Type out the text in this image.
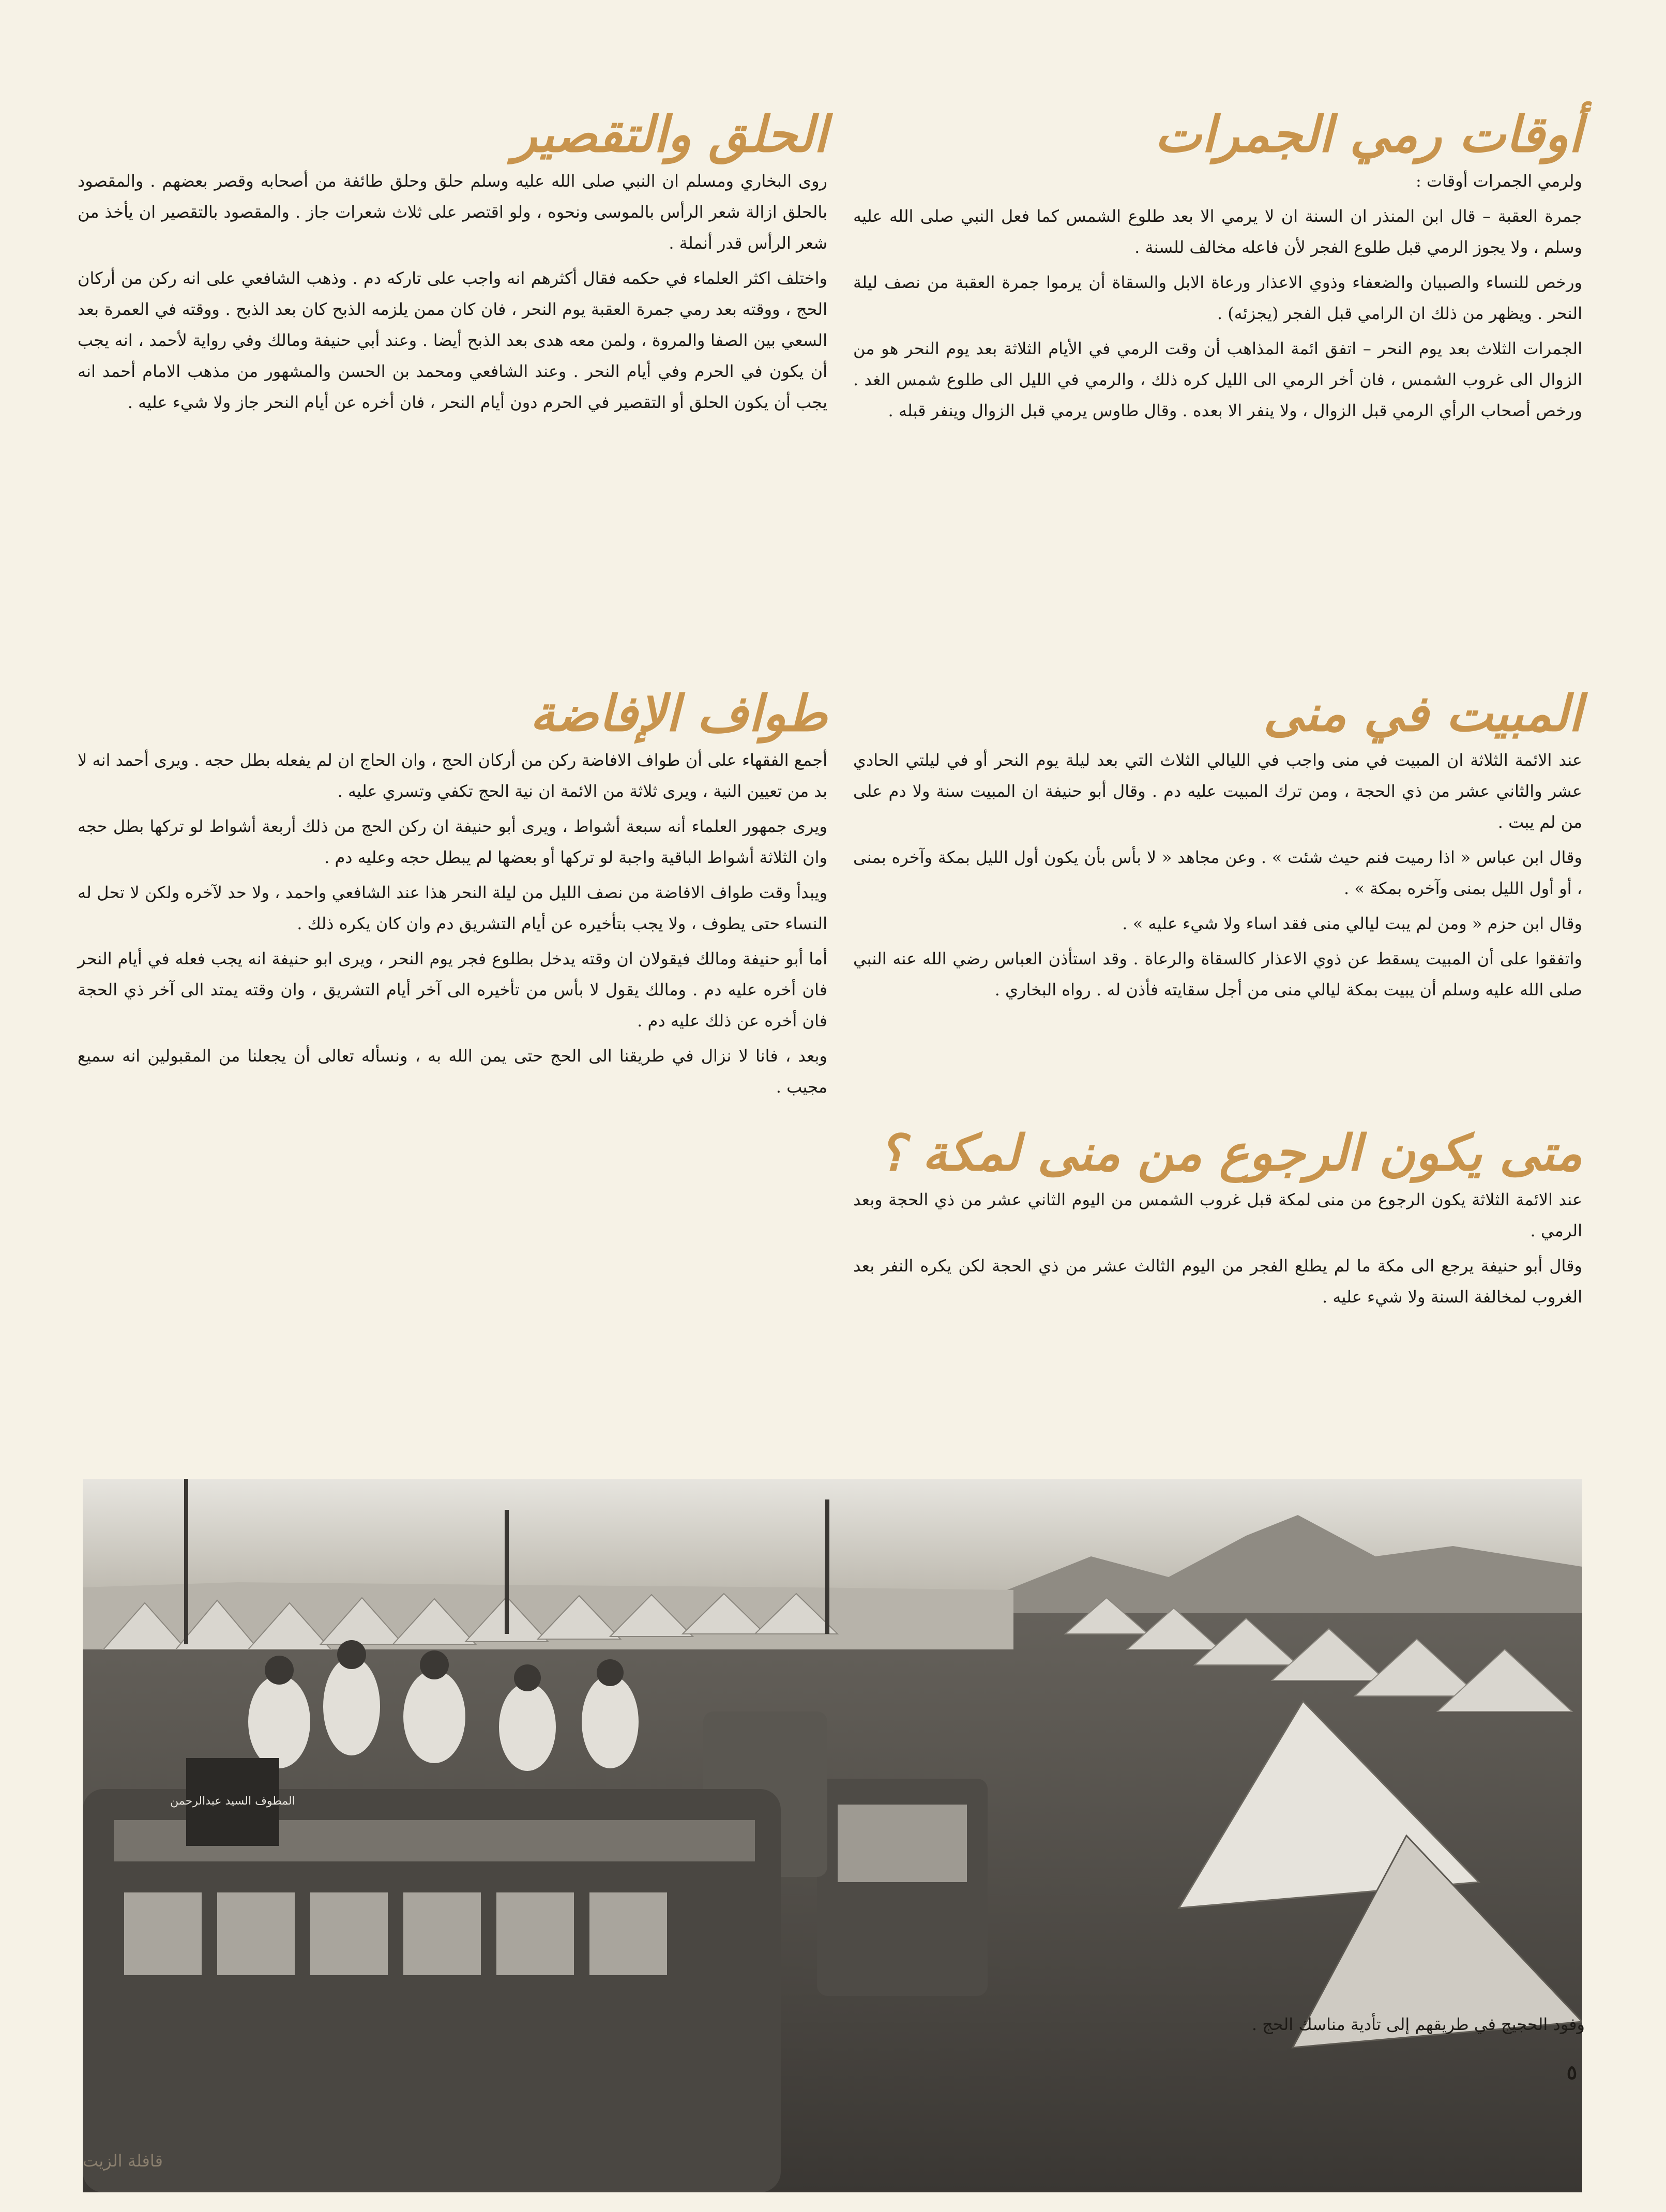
أوقات رمي الجمرات

ولرمي الجمرات أوقات :

جمرة العقبة – قال ابن المنذر ان السنة ان لا يرمي الا بعد طلوع الشمس كما فعل النبي صلى الله عليه وسلم ، ولا يجوز الرمي قبل طلوع الفجر لأن فاعله مخالف للسنة .

ورخص للنساء والصبيان والضعفاء وذوي الاعذار ورعاة الابل والسقاة أن يرموا جمرة العقبة من نصف ليلة النحر . ويظهر من ذلك ان الرامي قبل الفجر (يجزئه) .

الجمرات الثلاث بعد يوم النحر – اتفق ائمة المذاهب أن وقت الرمي في الأيام الثلاثة بعد يوم النحر هو من الزوال الى غروب الشمس ، فان أخر الرمي الى الليل كره ذلك ، والرمي في الليل الى طلوع شمس الغد . ورخص أصحاب الرأي الرمي قبل الزوال ، ولا ينفر الا بعده . وقال طاوس يرمي قبل الزوال وينفر قبله .

المبيت في منى

عند الائمة الثلاثة ان المبيت في منى واجب في الليالي الثلاث التي بعد ليلة يوم النحر أو في ليلتي الحادي عشر والثاني عشر من ذي الحجة ، ومن ترك المبيت عليه دم . وقال أبو حنيفة ان المبيت سنة ولا دم على من لم يبت .

وقال ابن عباس « اذا رميت فنم حيث شئت » . وعن مجاهد « لا بأس بأن يكون أول الليل بمكة وآخره بمنى ، أو أول الليل بمنى وآخره بمكة » .

وقال ابن حزم « ومن لم يبت ليالي منى فقد اساء ولا شيء عليه » .

واتفقوا على أن المبيت يسقط عن ذوي الاعذار كالسقاة والرعاة . وقد استأذن العباس رضي الله عنه النبي صلى الله عليه وسلم أن يبيت بمكة ليالي منى من أجل سقايته فأذن له . رواه البخاري .

متى يكون الرجوع من منى لمكة ؟

عند الائمة الثلاثة يكون الرجوع من منى لمكة قبل غروب الشمس من اليوم الثاني عشر من ذي الحجة وبعد الرمي .

وقال أبو حنيفة يرجع الى مكة ما لم يطلع الفجر من اليوم الثالث عشر من ذي الحجة لكن يكره النفر بعد الغروب لمخالفة السنة ولا شيء عليه .

الحلق والتقصير

روى البخاري ومسلم ان النبي صلى الله عليه وسلم حلق وحلق طائفة من أصحابه وقصر بعضهم . والمقصود بالحلق ازالة شعر الرأس بالموسى ونحوه ، ولو اقتصر على ثلاث شعرات جاز . والمقصود بالتقصير ان يأخذ من شعر الرأس قدر أنملة .

واختلف اكثر العلماء في حكمه فقال أكثرهم انه واجب على تاركه دم . وذهب الشافعي على انه ركن من أركان الحج ، ووقته بعد رمي جمرة العقبة يوم النحر ، فان كان ممن يلزمه الذبح كان بعد الذبح . ووقته في العمرة بعد السعي بين الصفا والمروة ، ولمن معه هدى بعد الذبح أيضا . وعند أبي حنيفة ومالك وفي رواية لأحمد ، انه يجب أن يكون في الحرم وفي أيام النحر . وعند الشافعي ومحمد بن الحسن والمشهور من مذهب الامام أحمد انه يجب أن يكون الحلق أو التقصير في الحرم دون أيام النحر ، فان أخره عن أيام النحر جاز ولا شيء عليه .

طواف الإفاضة

أجمع الفقهاء على أن طواف الافاضة ركن من أركان الحج ، وان الحاج ان لم يفعله بطل حجه . ويرى أحمد انه لا بد من تعيين النية ، ويرى ثلاثة من الائمة ان نية الحج تكفي وتسري عليه .

ويرى جمهور العلماء أنه سبعة أشواط ، ويرى أبو حنيفة ان ركن الحج من ذلك أربعة أشواط لو تركها بطل حجه وان الثلاثة أشواط الباقية واجبة لو تركها أو بعضها لم يبطل حجه وعليه دم .

ويبدأ وقت طواف الافاضة من نصف الليل من ليلة النحر هذا عند الشافعي واحمد ، ولا حد لآخره ولكن لا تحل له النساء حتى يطوف ، ولا يجب بتأخيره عن أيام التشريق دم وان كان يكره ذلك .

أما أبو حنيفة ومالك فيقولان ان وقته يدخل بطلوع فجر يوم النحر ، ويرى ابو حنيفة انه يجب فعله في أيام النحر فان أخره عليه دم . ومالك يقول لا بأس من تأخيره الى آخر أيام التشريق ، وان وقته يمتد الى آخر ذي الحجة فان أخره عن ذلك عليه دم .

وبعد ، فانا لا نزال في طريقنا الى الحج حتى يمن الله به ، ونسأله تعالى أن يجعلنا من المقبولين انه سميع مجيب .

المطوف السيد عبدالرحمن
وفود الحجيج في طريقهم إلى تأدية مناسك الحج .
٥
قافلة الزيت
